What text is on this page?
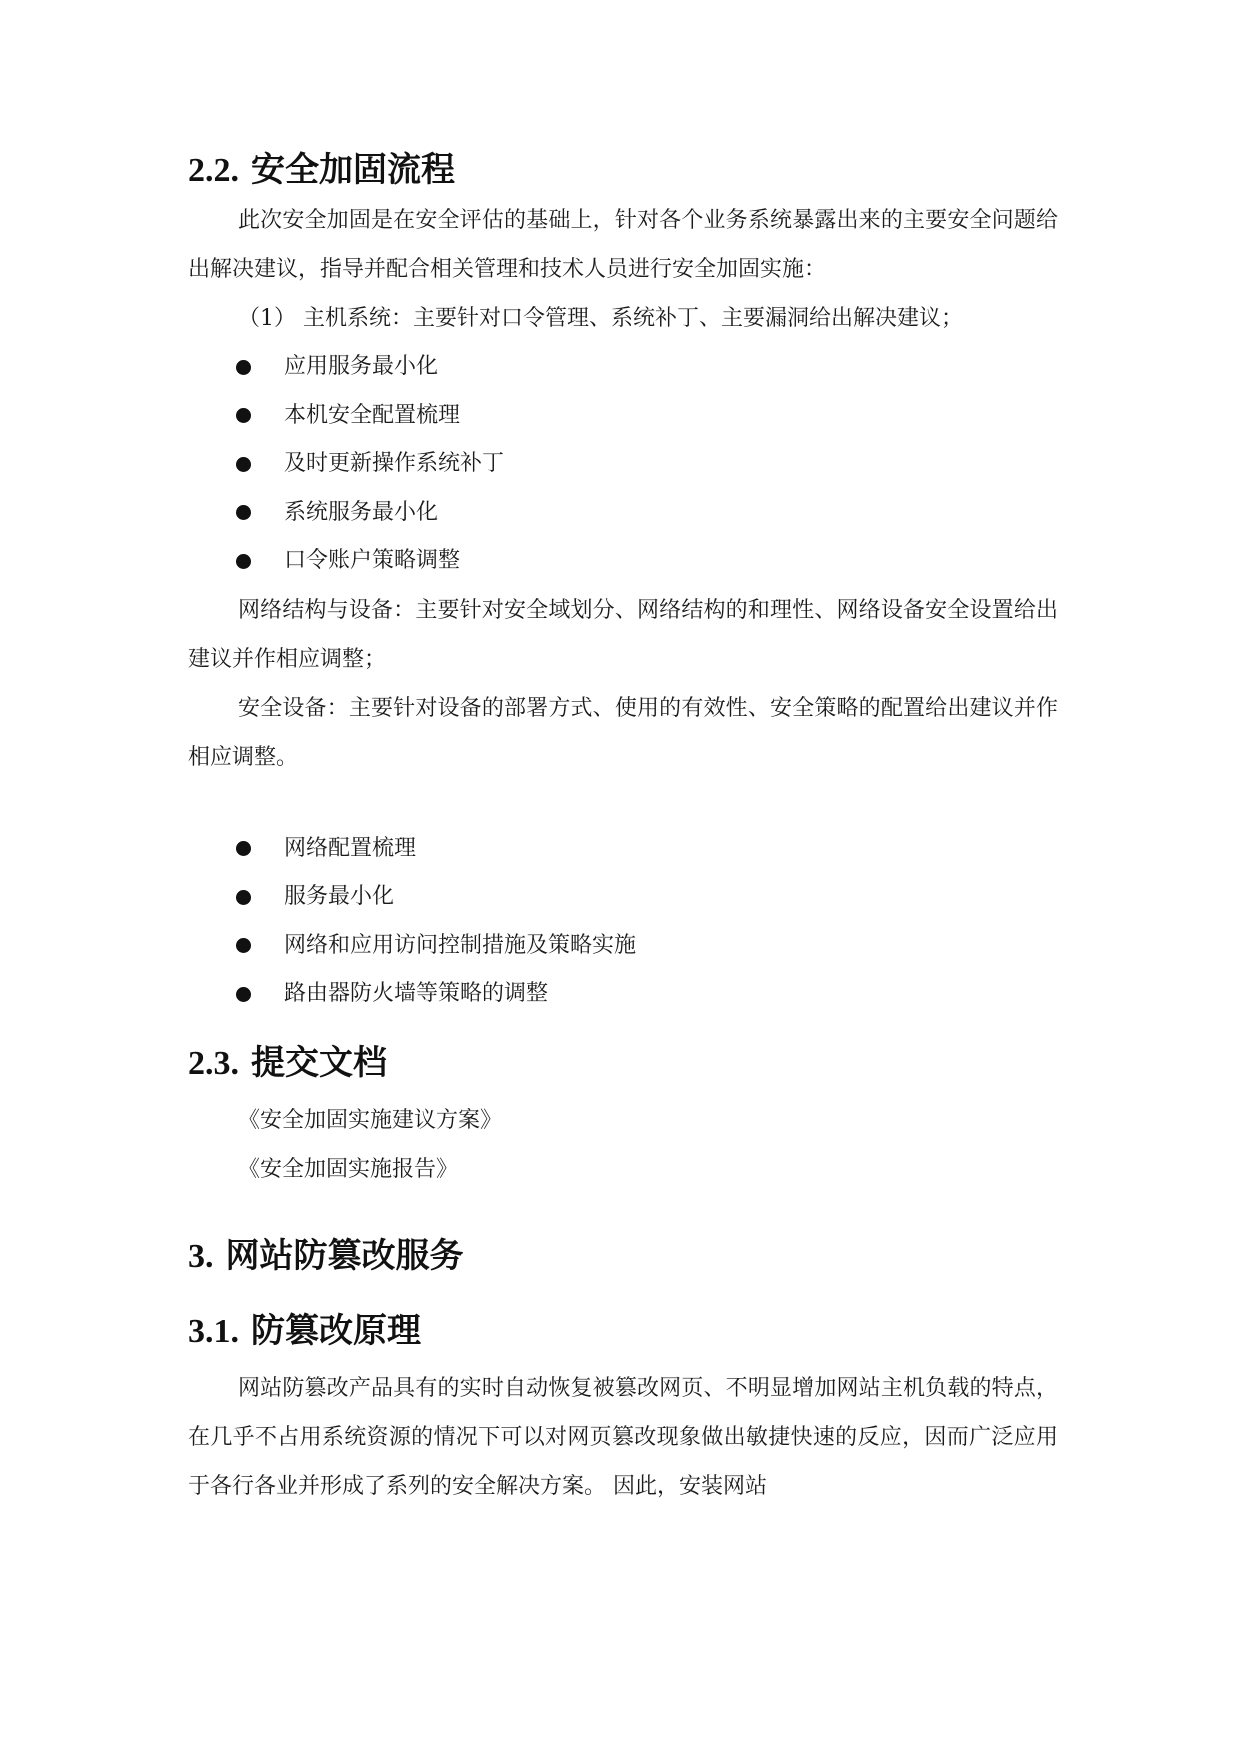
2.2. 安全加固流程

此次安全加固是在安全评估的基础上，针对各个业务系统暴露出来的主要安全问题给出解决建议，指导并配合相关管理和技术人员进行安全加固实施：

（1） 主机系统：主要针对口令管理、系统补丁、主要漏洞给出解决建议；

应用服务最小化
本机安全配置梳理
及时更新操作系统补丁
系统服务最小化
口令账户策略调整

网络结构与设备：主要针对安全域划分、网络结构的和理性、网络设备安全设置给出建议并作相应调整；

安全设备：主要针对设备的部署方式、使用的有效性、安全策略的配置给出建议并作相应调整。

网络配置梳理
服务最小化
网络和应用访问控制措施及策略实施
路由器防火墙等策略的调整
2.3. 提交文档

《安全加固实施建议方案》

《安全加固实施报告》

3. 网站防篡改服务
3.1. 防篡改原理

网站防篡改产品具有的实时自动恢复被篡改网页、不明显增加网站主机负载的特点，在几乎不占用系统资源的情况下可以对网页篡改现象做出敏捷快速的反应，因而广泛应用于各行各业并形成了系列的安全解决方案。 因此，安装网站
